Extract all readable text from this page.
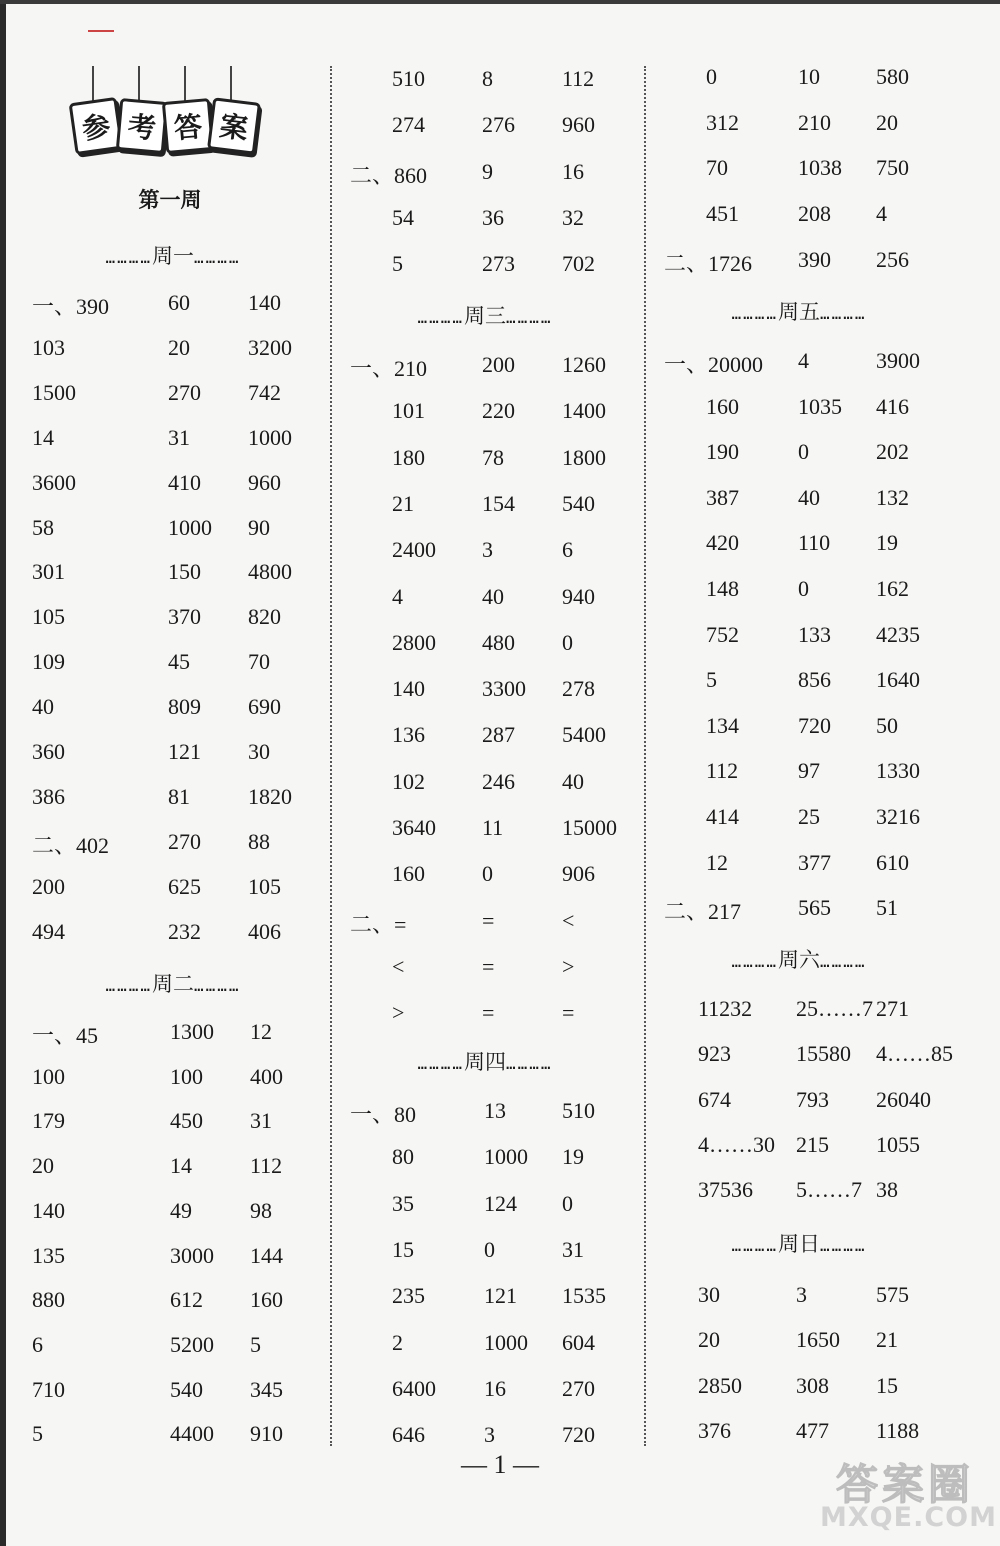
参 考 答 案
第一周
…………周一…………
…………周二…………
…………周三…………
…………周四…………
…………周五…………
…………周六…………
…………周日…………
一、390	60	140
103	20	3200
1500	270 742
14	31	1000
3600	410 960
58	1000 90
301	150 4800
105	370 820
109	45	70
40	809 690
360	121 30
386	81	1820
二、402	270 88
200	625 105
494	232 406
一、45	1300 12
100	100 400
179	450 31
20	14	112
140	49	98
135	3000 144
880	612 160
6	5200 5
710	540 345
5	4400 910
510	8	112
274	276 960
二、860 9	16
54	36	32
5	273 702
一、210 200 1260
101	220 1400
180	78	1800
21	154 540
2400 3	6
4	40	940
2800 480 0
140	3300 278
136	287 5400
102	246 40
3640 11	15000
160	0	906
二、=	=	<
<	=	>
>	=	=
一、80	13	510
80	1000 19
35	124 0
15	0	31
235	121 1535
2	1000 604
6400 16	270
646	3	720
0	10	580
312	210 20
70	1038 750
451	208 4
二、1726 390 256
一、20000 4	3900
160	1035 416
190	0	202
387	40	132
420	110 19
148	0	162
752	133 4235
5	856 1640
134	720 50
112	97	1330
414	25	3216
12	377 610
二、217	565 51
11232 25……7 271
923	15580 4……85
674	793 26040
4……30 215 1055
37536 5……7 38
30	3	575
20	1650 21
2850 308 15
376	477 1188
— 1 —	答案圈
MXQE.COM
